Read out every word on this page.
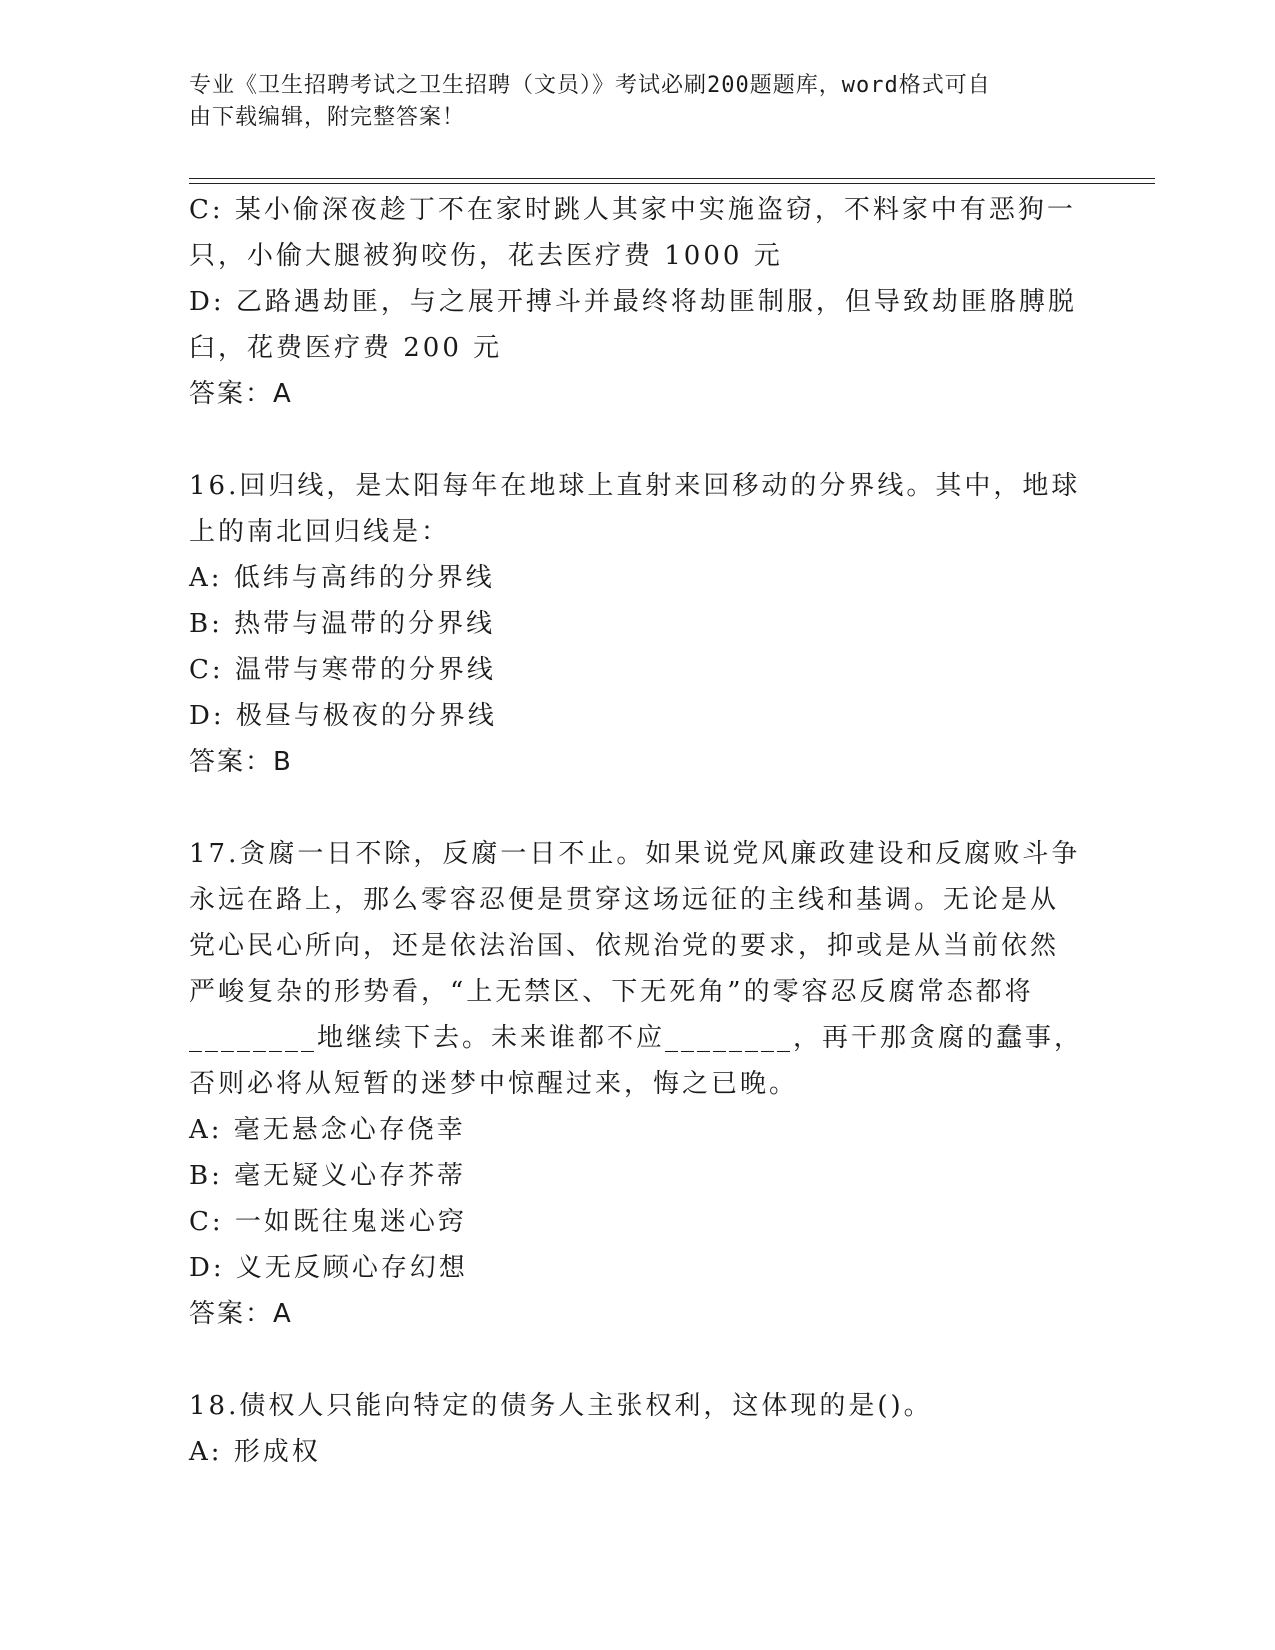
专业《卫生招聘考试之卫生招聘（文员）》考试必刷200题题库，word格式可自
由下载编辑，附完整答案！
C: 某小偷深夜趁丁不在家时跳人其家中实施盗窃，不料家中有恶狗一
只，小偷大腿被狗咬伤，花去医疗费 1000 元
D: 乙路遇劫匪，与之展开搏斗并最终将劫匪制服，但导致劫匪胳膊脱
臼，花费医疗费 200 元
答案：A
16.回归线，是太阳每年在地球上直射来回移动的分界线。其中，地球
上的南北回归线是：
A: 低纬与高纬的分界线
B: 热带与温带的分界线
C: 温带与寒带的分界线
D: 极昼与极夜的分界线
答案：B
17.贪腐一日不除，反腐一日不止。如果说党风廉政建设和反腐败斗争
永远在路上，那么零容忍便是贯穿这场远征的主线和基调。无论是从
党心民心所向，还是依法治国、依规治党的要求，抑或是从当前依然
严峻复杂的形势看，“上无禁区、下无死角”的零容忍反腐常态都将
________地继续下去。未来谁都不应________，再干那贪腐的蠢事，
否则必将从短暂的迷梦中惊醒过来，悔之已晚。
A: 毫无悬念心存侥幸
B: 毫无疑义心存芥蒂
C: 一如既往鬼迷心窍
D: 义无反顾心存幻想
答案：A
18.债权人只能向特定的债务人主张权利，这体现的是()。
A: 形成权
